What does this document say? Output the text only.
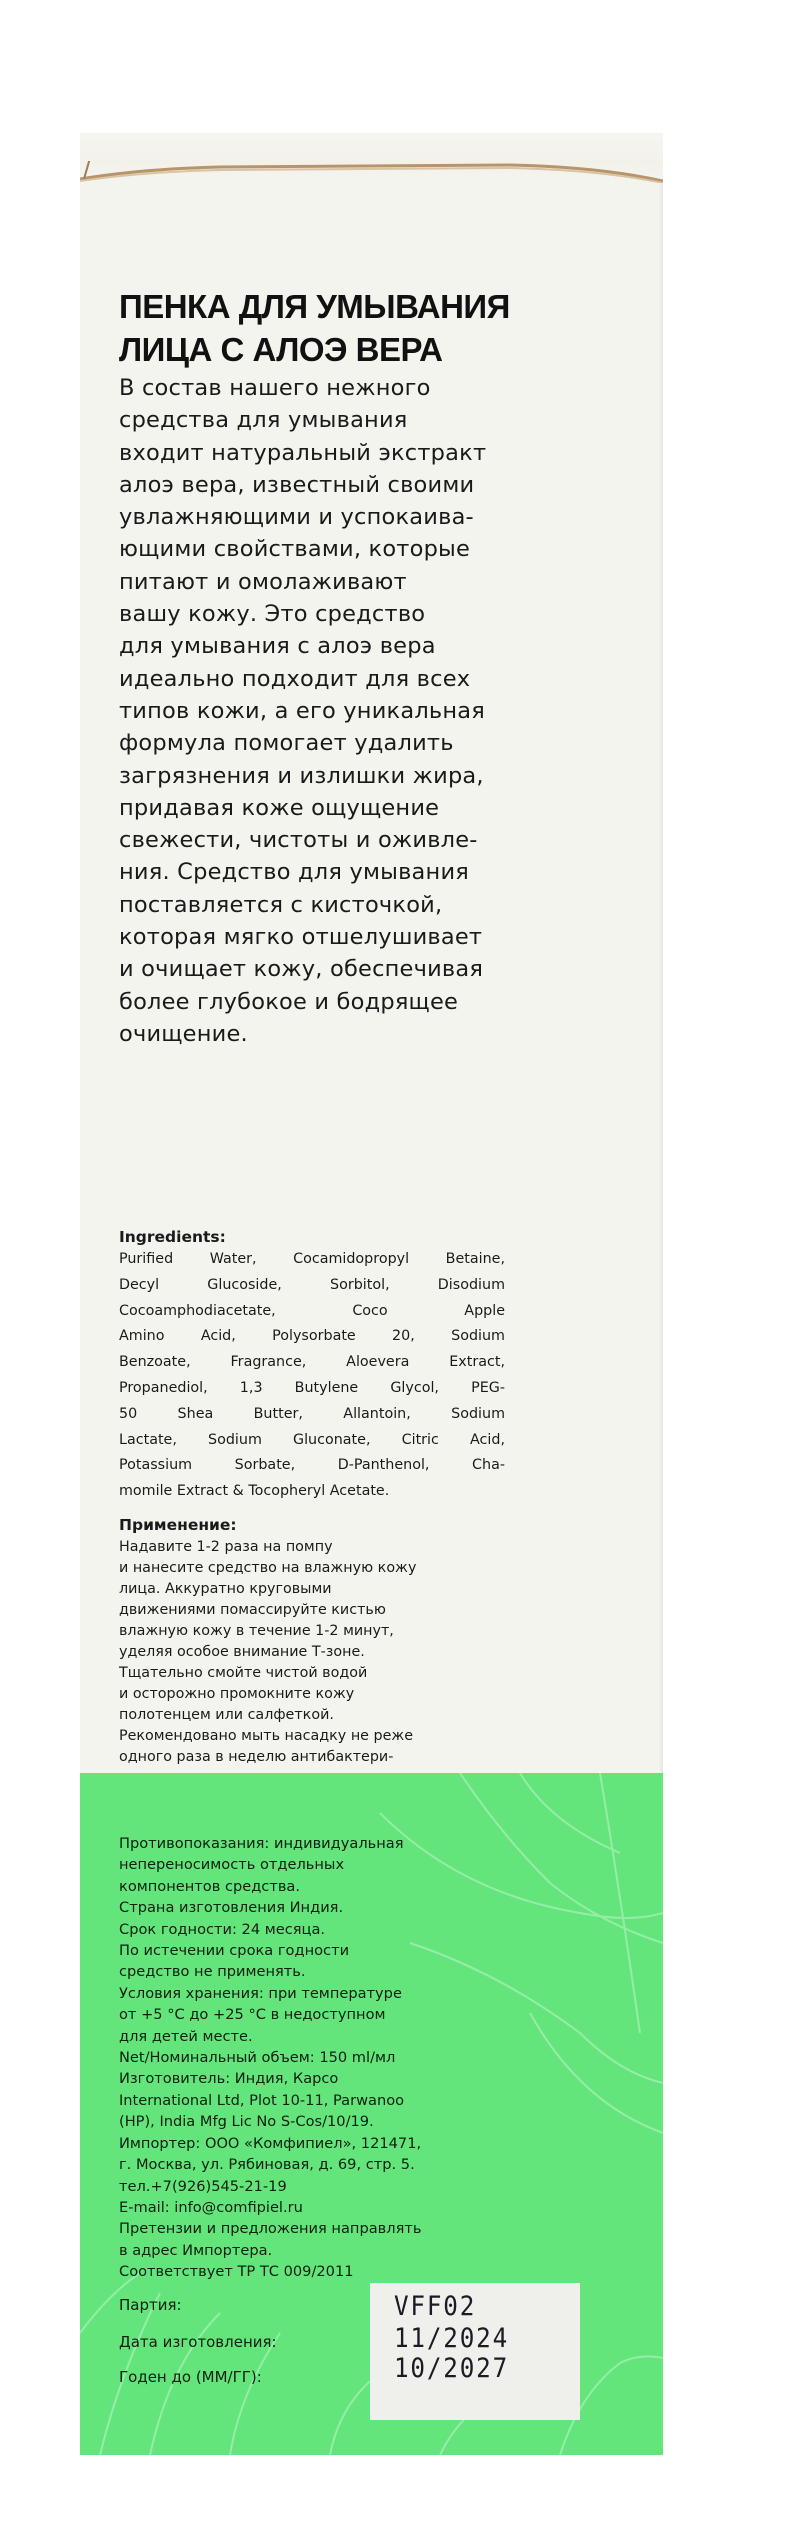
ПЕНКА ДЛЯ УМЫВАНИЯ
ЛИЦА С АЛОЭ ВЕРА
В состав нашего нежного
средства для умывания
входит натуральный экстракт
алоэ вера, известный своими
увлажняющими и успокаива-
ющими свойствами, которые
питают и омолаживают
вашу кожу. Это средство
для умывания с алоэ вера
идеально подходит для всех
типов кожи, а его уникальная
формула помогает удалить
загрязнения и излишки жира,
придавая коже ощущение
свежести, чистоты и оживле-
ния. Средство для умывания
поставляется с кисточкой,
которая мягко отшелушивает
и очищает кожу, обеспечивая
более глубокое и бодрящее
очищение.
Ingredients:
Purified Water, Cocamidopropyl Betaine,
Decyl Glucoside, Sorbitol, Disodium
Cocoamphodiacetate, Coco Apple
Amino Acid, Polysorbate 20, Sodium
Benzoate, Fragrance, Aloevera Extract,
Propanediol, 1,3 Butylene Glycol, PEG-
50 Shea Butter, Allantoin, Sodium
Lactate, Sodium Gluconate, Citric Acid,
Potassium Sorbate, D-Panthenol, Cha-
momile Extract & Tocopheryl Acetate.
Применение:
Надавите 1-2 раза на помпу
и нанесите средство на влажную кожу
лица. Аккуратно круговыми
движениями помассируйте кистью
влажную кожу в течение 1-2 минут,
уделяя особое внимание Т-зоне.
Тщательно смойте чистой водой
и осторожно промокните кожу
полотенцем или салфеткой.
Рекомендовано мыть насадку не реже
одного раза в неделю антибактери-
Противопоказания: индивидуальная
непереносимость отдельных
компонентов средства.
Страна изготовления Индия.
Срок годности: 24 месяца.
По истечении срока годности
средство не применять.
Условия хранения: при температуре
от +5 °С до +25 °С в недоступном
для детей месте.
Net/Номинальный объем: 150 ml/мл
Изготовитель: Индия, Карсо
International Ltd, Plot 10-11, Parwanoo
(HP), India Mfg Lic No S-Cos/10/19.
Импортер: ООО «Комфипиел», 121471,
г. Москва, ул. Рябиновая, д. 69, стр. 5.
тел.+7(926)545-21-19
E-mail: info@comfipiel.ru
Претензии и предложения направлять
в адрес Импортера.
Соответствует ТР ТС 009/2011
Партия:
Дата изготовления:
Годен до (ММ/ГГ):
VFF02
11/2024
10/2027
